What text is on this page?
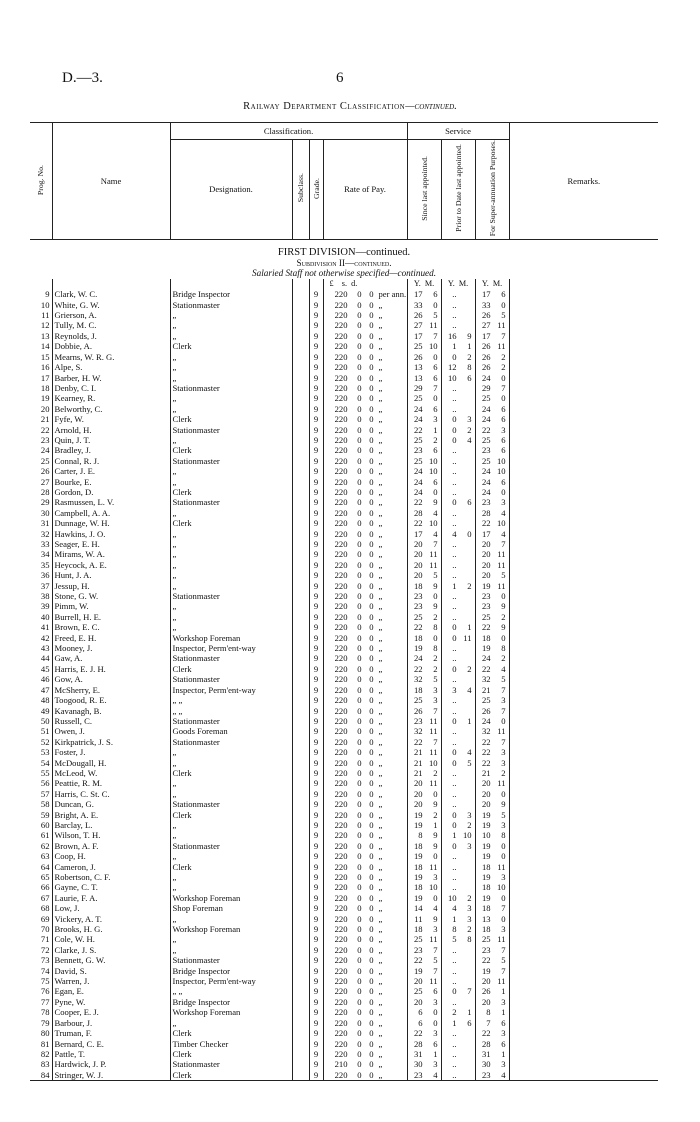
D.—3.	6
Railway Department Classification—continued.
Prog. No.	Name	Classification.				Service			Remarks.
		Designation.	Subclass.	Grade.	Rate of Pay.	Since last appointed.	Prior to Date last appointed.	For Super-annuation Purposes.	

FIRST DIVISION—continued.									
Subdivision II—continued.									
Salaried Staff not otherwise specified—continued.									
					£ s. d.	Y. M.	Y. M.	Y. M.	
9	Clark, W. C.	Bridge Inspector		9	220 0 0 per ann.	17 6	..	17 6	
10	White, G. W.	Stationmaster		9	220 0 0 „	33 0	..	33 0	
11	Grierson, A.	„		9	220 0 0 „	26 5	..	26 5	
12	Tully, M. C.	„		9	220 0 0 „	27 11	..	27 11	
13	Reynolds, J.	„		9	220 0 0 „	17 7	16 9	17 7	
14	Dobbie, A.	Clerk		9	220 0 0 „	25 10	1 1	26 11	
15	Mearns, W. R. G.	„		9	220 0 0 „	26 0	0 2	26 2	
16	Alpe, S.	„		9	220 0 0 „	13 6	12 8	26 2	
17	Barber, H. W.	„		9	220 0 0 „	13 6	10 6	24 0	
18	Denby, C. I.	Stationmaster		9	220 0 0 „	29 7	..	29 7	
19	Kearney, R.	„		9	220 0 0 „	25 0	..	25 0	
20	Belworthy, C.	„		9	220 0 0 „	24 6	..	24 6	
21	Fyfe, W.	Clerk		9	220 0 0 „	24 3	0 3	24 6	
22	Arnold, H.	Stationmaster		9	220 0 0 „	22 1	0 2	22 3	
23	Quin, J. T.	„		9	220 0 0 „	25 2	0 4	25 6	
24	Bradley, J.	Clerk		9	220 0 0 „	23 6	..	23 6	
25	Connal, R. J.	Stationmaster		9	220 0 0 „	25 10	..	25 10	
26	Carter, J. E.	„		9	220 0 0 „	24 10	..	24 10	
27	Bourke, E.	„		9	220 0 0 „	24 6	..	24 6	
28	Gordon, D.	Clerk		9	220 0 0 „	24 0	..	24 0	
29	Rasmussen, L. V.	Stationmaster		9	220 0 0 „	22 9	0 6	23 3	
30	Campbell, A. A.	„		9	220 0 0 „	28 4	..	28 4	
31	Dunnage, W. H.	Clerk		9	220 0 0 „	22 10	..	22 10	
32	Hawkins, J. O.	„		9	220 0 0 „	17 4	4 0	17 4	
33	Seager, E. H.	„		9	220 0 0 „	20 7	..	20 7	
34	Mirams, W. A.	„		9	220 0 0 „	20 11	..	20 11	
35	Heycock, A. E.	„		9	220 0 0 „	20 11	..	20 11	
36	Hunt, J. A.	„		9	220 0 0 „	20 5	..	20 5	
37	Jessup, H.	„		9	220 0 0 „	18 9	1 2	19 11	
38	Stone, G. W.	Stationmaster		9	220 0 0 „	23 0	..	23 0	
39	Pimm, W.	„		9	220 0 0 „	23 9	..	23 9	
40	Burrell, H. E.	„		9	220 0 0 „	25 2	..	25 2	
41	Brown, E. C.	„		9	220 0 0 „	22 8	0 1	22 9	
42	Freed, E. H.	Workshop Foreman		9	220 0 0 „	18 0	0 11	18 0	
43	Mooney, J.	Inspector, Perm'ent-way		9	220 0 0 „	19 8	..	19 8	
44	Gaw, A.	Stationmaster		9	220 0 0 „	24 2	..	24 2	
45	Harris, E. J. H.	Clerk		9	220 0 0 „	22 2	0 2	22 4	
46	Gow, A.	Stationmaster		9	220 0 0 „	32 5	..	32 5	
47	McSherry, E.	Inspector, Perm'ent-way		9	220 0 0 „	18 3	3 4	21 7	
48	Toogood, R. E.	„ „		9	220 0 0 „	25 3	..	25 3	
49	Kavanagh, B.	„ „		9	220 0 0 „	26 7	..	26 7	
50	Russell, C.	Stationmaster		9	220 0 0 „	23 11	0 1	24 0	
51	Owen, J.	Goods Foreman		9	220 0 0 „	32 11	..	32 11	
52	Kirkpatrick, J. S.	Stationmaster		9	220 0 0 „	22 7	..	22 7	
53	Foster, J.	„		9	220 0 0 „	21 11	0 4	22 3	
54	McDougall, H.	„		9	220 0 0 „	21 10	0 5	22 3	
55	McLeod, W.	Clerk		9	220 0 0 „	21 2	..	21 2	
56	Peattie, R. M.	„		9	220 0 0 „	20 11	..	20 11	
57	Harris, C. St. C.	„		9	220 0 0 „	20 0	..	20 0	
58	Duncan, G.	Stationmaster		9	220 0 0 „	20 9	..	20 9	
59	Bright, A. E.	Clerk		9	220 0 0 „	19 2	0 3	19 5	
60	Barclay, L.	„		9	220 0 0 „	19 1	0 2	19 3	
61	Wilson, T. H.	„		9	220 0 0 „	8 9	1 10	10 8	
62	Brown, A. F.	Stationmaster		9	220 0 0 „	18 9	0 3	19 0	
63	Coop, H.	„		9	220 0 0 „	19 0	..	19 0	
64	Cameron, J.	Clerk		9	220 0 0 „	18 11	..	18 11	
65	Robertson, C. F.	„		9	220 0 0 „	19 3	..	19 3	
66	Gayne, C. T.	„		9	220 0 0 „	18 10	..	18 10	
67	Laurie, F. A.	Workshop Foreman		9	220 0 0 „	19 0	10 2	19 0	
68	Low, J.	Shop Foreman		9	220 0 0 „	14 4	4 3	18 7	
69	Vickery, A. T.	„		9	220 0 0 „	11 9	1 3	13 0	
70	Brooks, H. G.	Workshop Foreman		9	220 0 0 „	18 3	8 2	18 3	
71	Cole, W. H.	„		9	220 0 0 „	25 11	5 8	25 11	
72	Clarke, J. S.	„		9	220 0 0 „	23 7	..	23 7	
73	Bennett, G. W.	Stationmaster		9	220 0 0 „	22 5	..	22 5	
74	David, S.	Bridge Inspector		9	220 0 0 „	19 7	..	19 7	
75	Warren, J.	Inspector, Perm'ent-way		9	220 0 0 „	20 11	..	20 11	
76	Egan, E.	„ „		9	220 0 0 „	25 6	0 7	26 1	
77	Pyne, W.	Bridge Inspector		9	220 0 0 „	20 3	..	20 3	
78	Cooper, E. J.	Workshop Foreman		9	220 0 0 „	6 0	2 1	8 1	
79	Barbour, J.	„		9	220 0 0 „	6 0	1 6	7 6	
80	Truman, F.	Clerk		9	220 0 0 „	22 3	..	22 3	
81	Bernard, C. E.	Timber Checker		9	220 0 0 „	28 6	..	28 6	
82	Pattle, T.	Clerk		9	220 0 0 „	31 1	..	31 1	
83	Hardwick, J. P.	Stationmaster		9	210 0 0 „	30 3	..	30 3	
84	Stringer, W. J.	Clerk		9	220 0 0 „	23 4	..	23 4	
